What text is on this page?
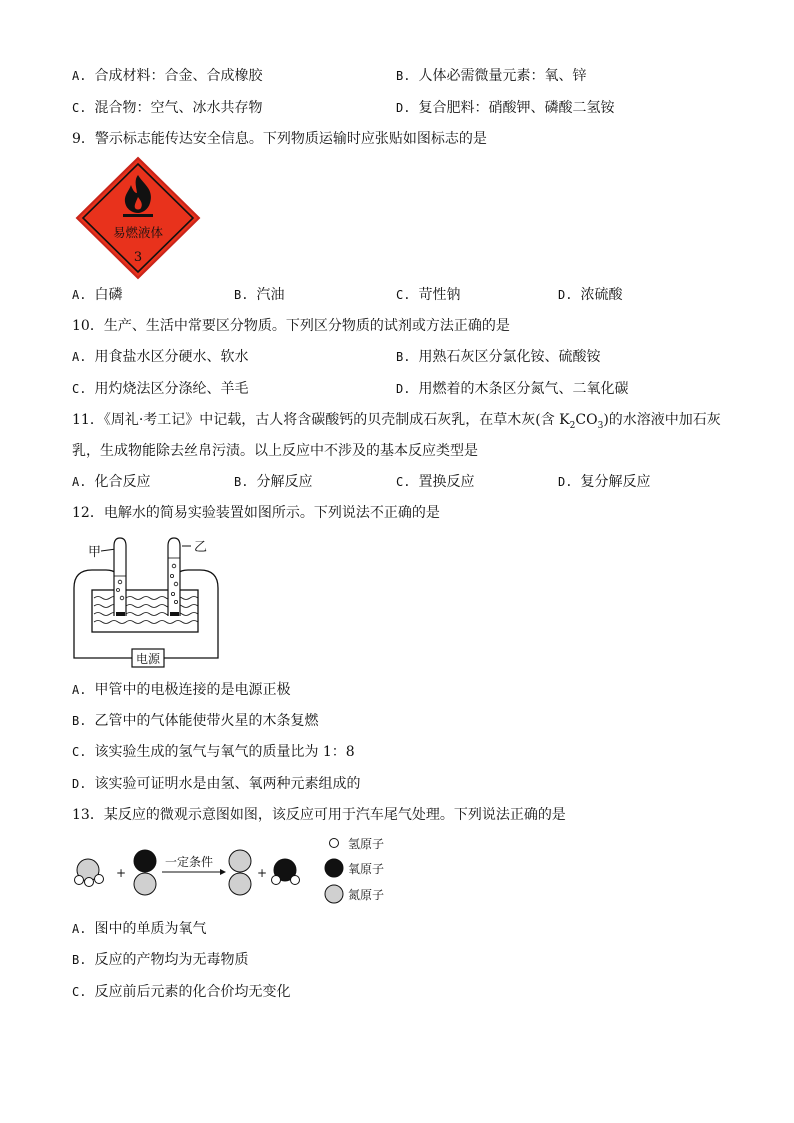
A. 合成材料：合金、合成橡胶	B. 人体必需微量元素：氧、锌
C. 混合物：空气、冰水共存物	D. 复合肥料：硝酸钾、磷酸二氢铵
9．警示标志能传达安全信息。下列物质运输时应张贴如图标志的是
易燃液体
3
A. 白磷	B. 汽油	C. 苛性钠	D. 浓硫酸
10．生产、生活中常要区分物质。下列区分物质的试剂或方法正确的是
A. 用食盐水区分硬水、软水	B. 用熟石灰区分氯化铵、硫酸铵
C. 用灼烧法区分涤纶、羊毛	D. 用燃着的木条区分氮气、二氧化碳
11．《周礼·考工记》中记载，古人将含碳酸钙的贝壳制成石灰乳，在草木灰(含 $K_2CO_3$)的水溶液中加石灰
乳，生成物能除去丝帛污渍。以上反应中不涉及的基本反应类型是
A. 化合反应	B. 分解反应	C. 置换反应	D. 复分解反应
12．电解水的简易实验装置如图所示。下列说法不正确的是
甲	乙
电源
A. 甲管中的电极连接的是电源正极
B. 乙管中的气体能使带火星的木条复燃
C. 该实验生成的氢气与氧气的质量比为 1：8
D. 该实验可证明水是由氢、氧两种元素组成的
13．某反应的微观示意图如图，该反应可用于汽车尾气处理。下列说法正确的是
+
一定条件
+
氢原子
氧原子
氮原子
A. 图中的单质为氧气
B. 反应的产物均为无毒物质
C. 反应前后元素的化合价均无变化
